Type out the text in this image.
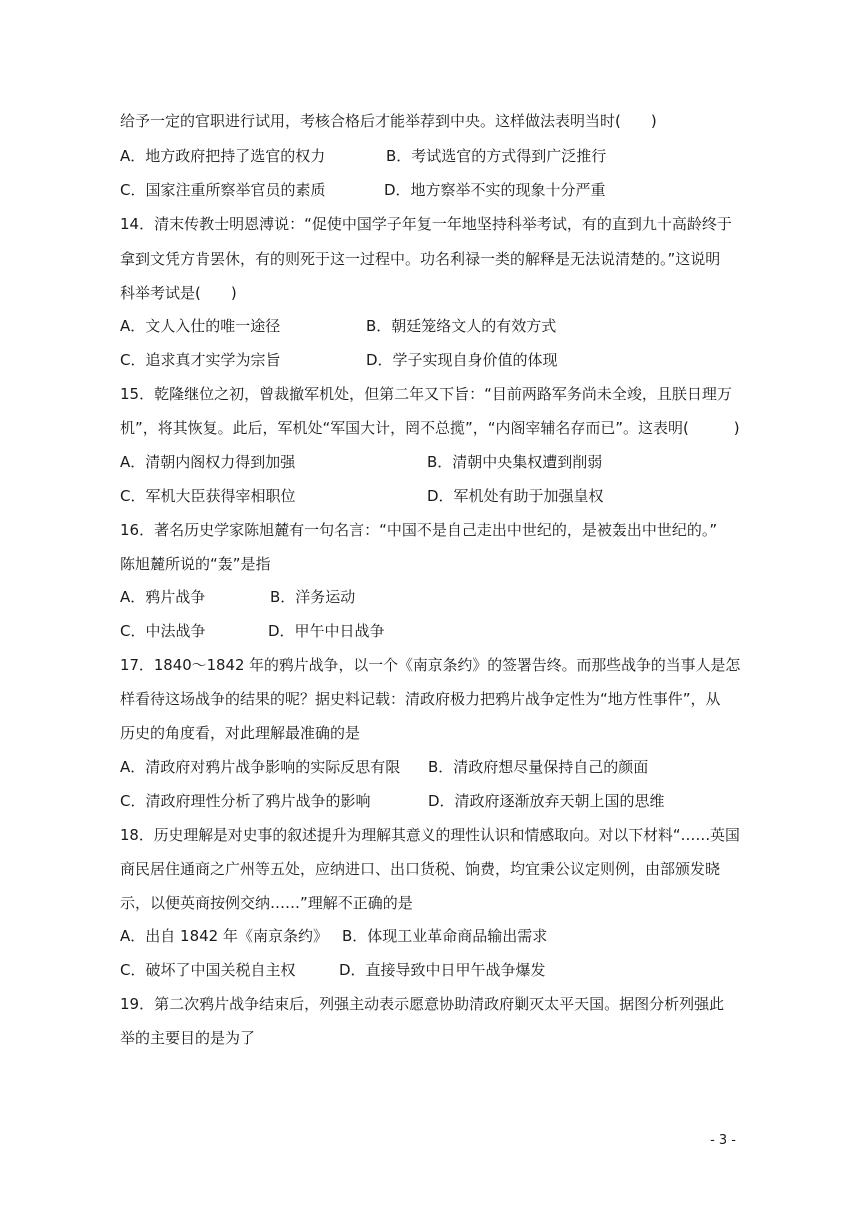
给予一定的官职进行试用，考核合格后才能举荐到中央。这样做法表明当时(　　)
A．地方政府把持了选官的权力	B．考试选官的方式得到广泛推行
C．国家注重所察举官员的素质	D．地方察举不实的现象十分严重
14．清末传教士明恩溥说：“促使中国学子年复一年地坚持科举考试，有的直到九十高龄终于
拿到文凭方肯罢休，有的则死于这一过程中。功名利禄一类的解释是无法说清楚的。”这说明
科举考试是(　　)
A．文人入仕的唯一途径	B．朝廷笼络文人的有效方式
C．追求真才实学为宗旨	D．学子实现自身价值的体现
15．乾隆继位之初，曾裁撤军机处，但第二年又下旨：“目前两路军务尚未全竣，且朕日理万
机”，将其恢复。此后，军机处“军国大计，罔不总揽”，“内阁宰辅名存而已”。这表明(　　　)
A．清朝内阁权力得到加强	B．清朝中央集权遭到削弱
C．军机大臣获得宰相职位	D．军机处有助于加强皇权
16．著名历史学家陈旭麓有一句名言：“中国不是自己走出中世纪的，是被轰出中世纪的。”
陈旭麓所说的“轰”是指
A．鸦片战争	B．洋务运动
C．中法战争	D．甲午中日战争
17．1840～1842 年的鸦片战争，以一个《南京条约》的签署告终。而那些战争的当事人是怎
样看待这场战争的结果的呢？据史料记载：清政府极力把鸦片战争定性为“地方性事件”，从
历史的角度看，对此理解最准确的是
A．清政府对鸦片战争影响的实际反思有限 B．清政府想尽量保持自己的颜面
C．清政府理性分析了鸦片战争的影响	D．清政府逐渐放弃天朝上国的思维
18．历史理解是对史事的叙述提升为理解其意义的理性认识和情感取向。对以下材料“……英国
商民居住通商之广州等五处，应纳进口、出口货税、饷费，均宜秉公议定则例，由部颁发晓
示，以便英商按例交纳……”理解不正确的是
A．出自 1842 年《南京条约》 B．体现工业革命商品输出需求
C．破坏了中国关税自主权	D．直接导致中日甲午战争爆发
19．第二次鸦片战争结束后，列强主动表示愿意协助清政府剿灭太平天国。据图分析列强此
举的主要目的是为了
- 3 -
